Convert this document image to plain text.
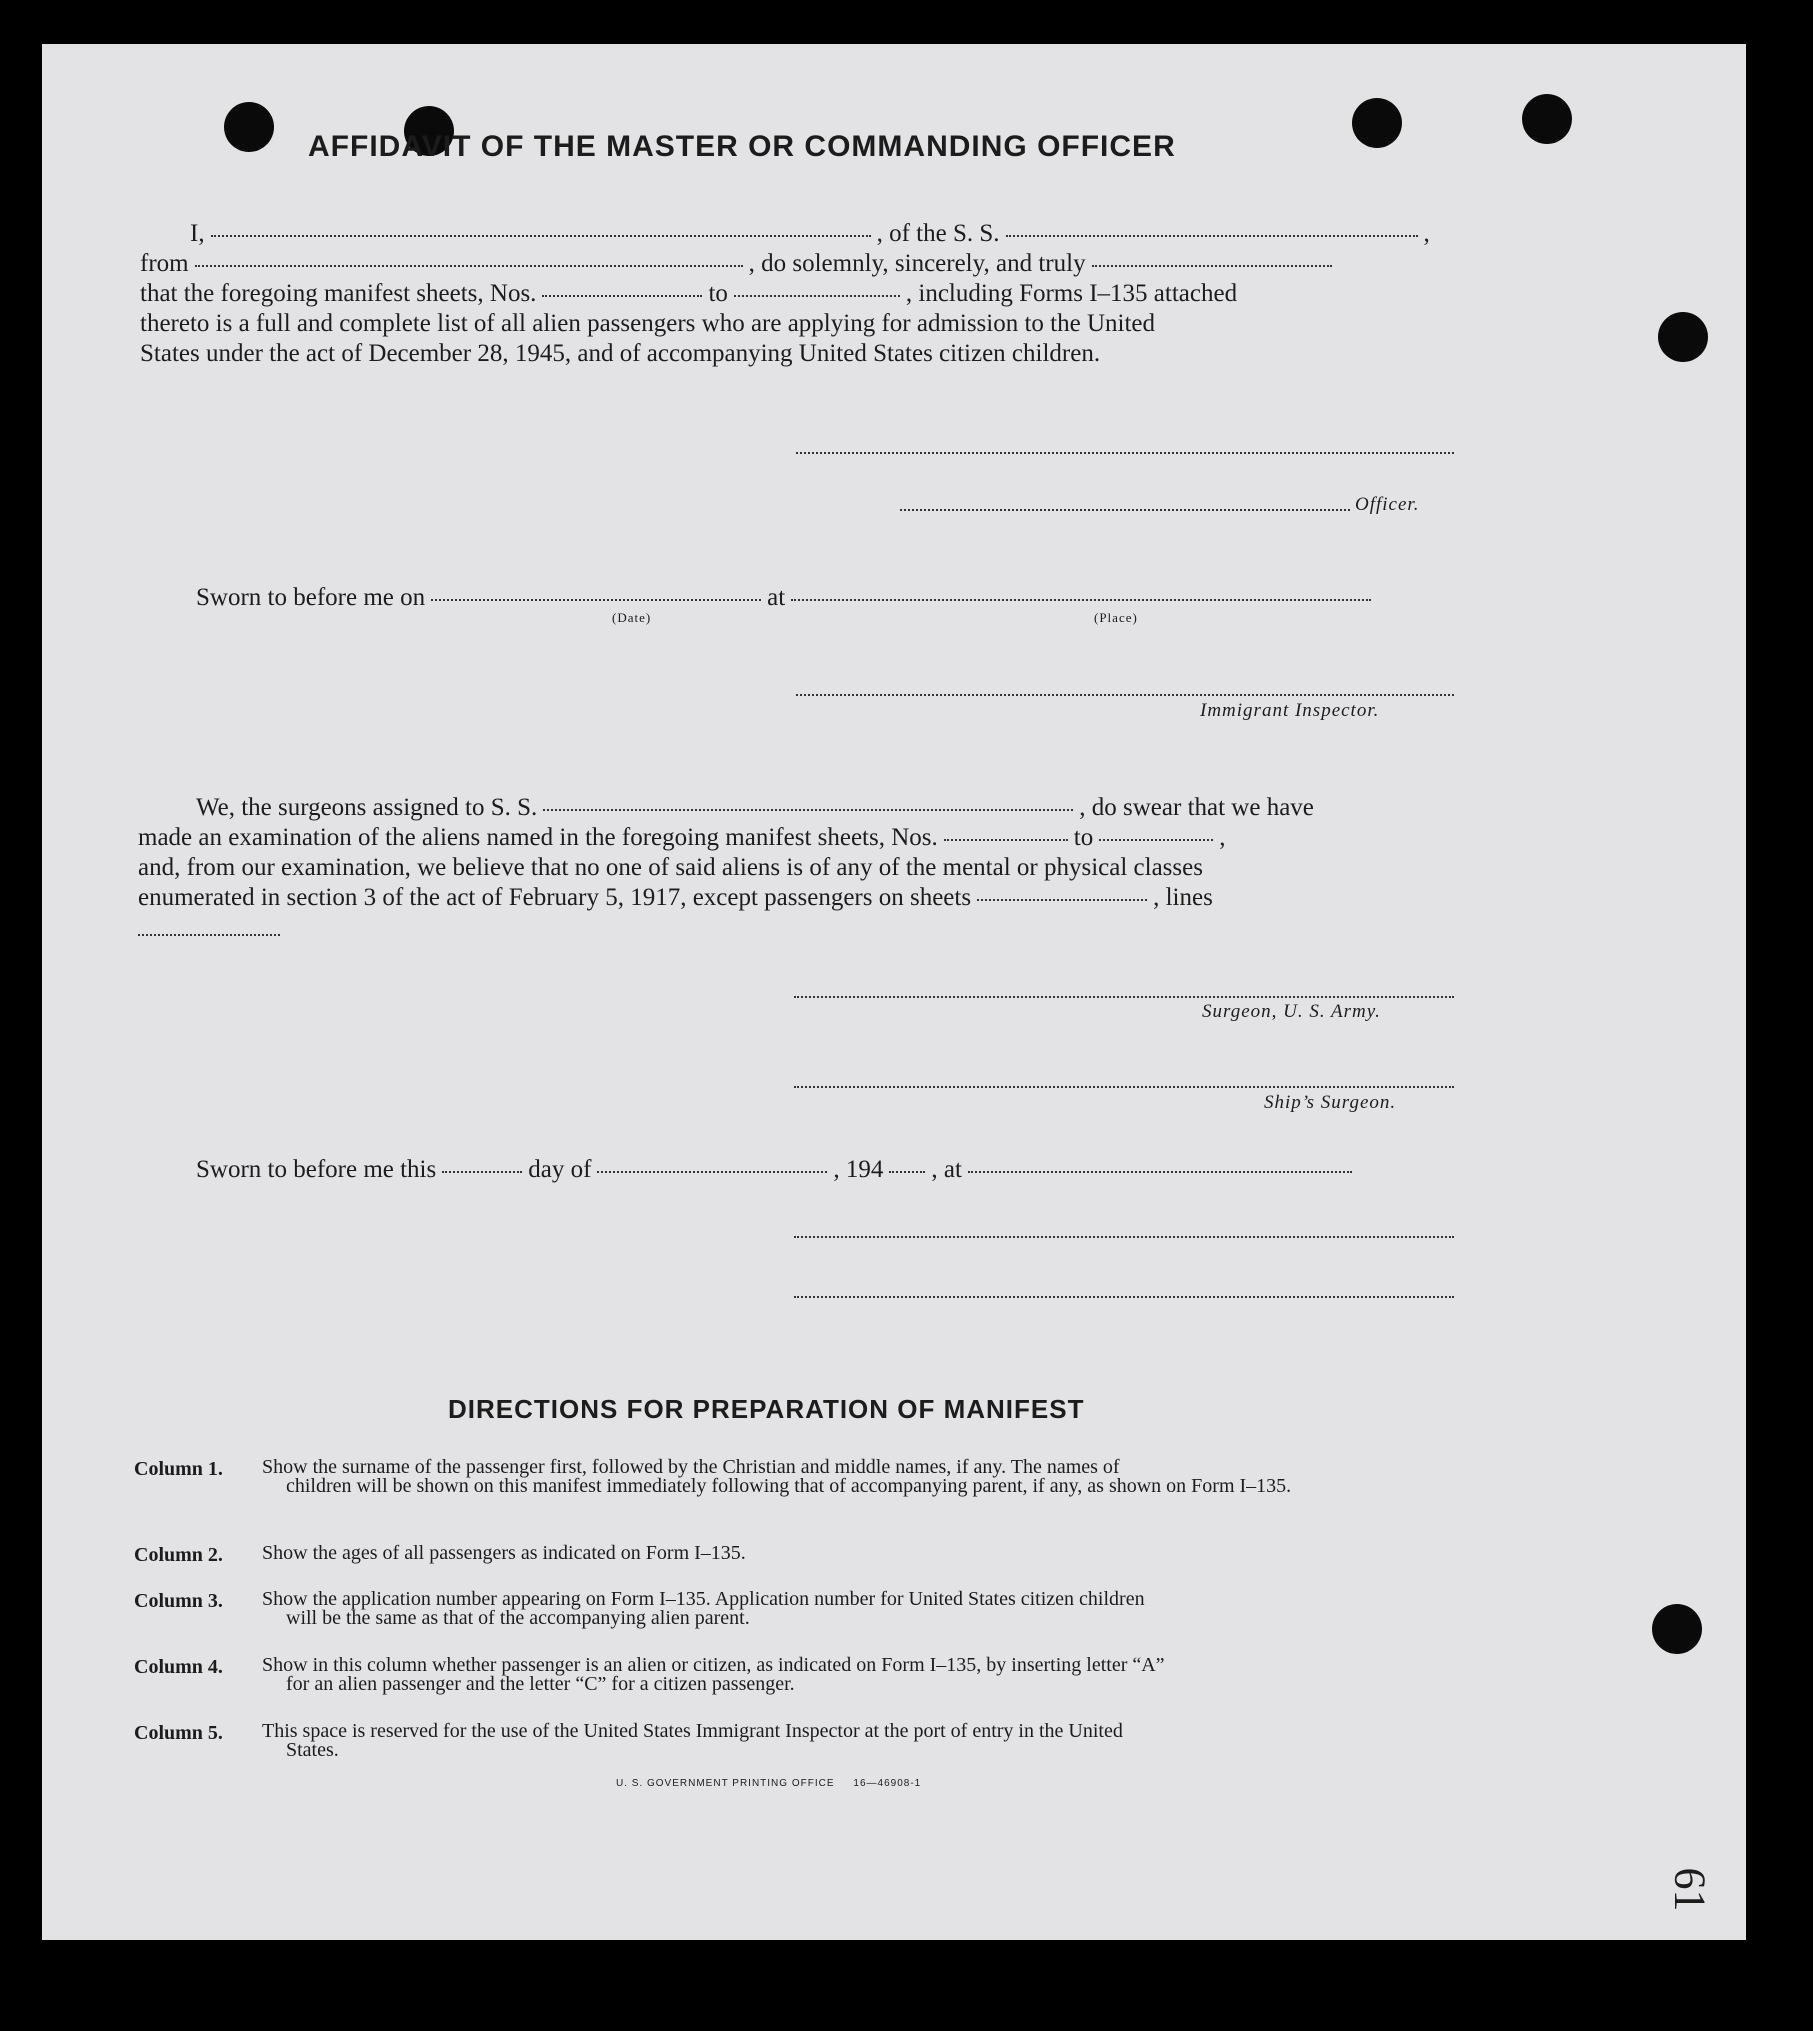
AFFIDAVIT OF THE MASTER OR COMMANDING OFFICER
I,	, of the S. S.	,
from	, do solemnly, sincerely, and truly
that the foregoing manifest sheets, Nos.	to	, including Forms I–135 attached
thereto is a full and complete list of all alien passengers who are applying for admission to the United
States under the act of December 28, 1945, and of accompanying United States citizen children.
Officer.
Sworn to before me on	at
(Date)	(Place)
Immigrant Inspector.
We, the surgeons assigned to S. S.	, do swear that we have
made an examination of the aliens named in the foregoing manifest sheets, Nos.	to	,
and, from our examination, we believe that no one of said aliens is of any of the mental or physical classes
enumerated in section 3 of the act of February 5, 1917, except passengers on sheets	, lines
Surgeon, U. S. Army.
Ship’s Surgeon.
Sworn to before me this	day of	, 194 , at
DIRECTIONS FOR PREPARATION OF MANIFEST
Column 1. Show the surname of the passenger first, followed by the Christian and middle names, if any. The names of
children will be shown on this manifest immediately following that of accompanying parent, if any, as shown on Form I–135.
Column 2. Show the ages of all passengers as indicated on Form I–135.
Column 3. Show the application number appearing on Form I–135. Application number for United States citizen children
will be the same as that of the accompanying alien parent.
Column 4. Show in this column whether passenger is an alien or citizen, as indicated on Form I–135, by inserting letter “A”
for an alien passenger and the letter “C” for a citizen passenger.
Column 5. This space is reserved for the use of the United States Immigrant Inspector at the port of entry in the United
States.
U. S. GOVERNMENT PRINTING OFFICE 16—46908-1
61
